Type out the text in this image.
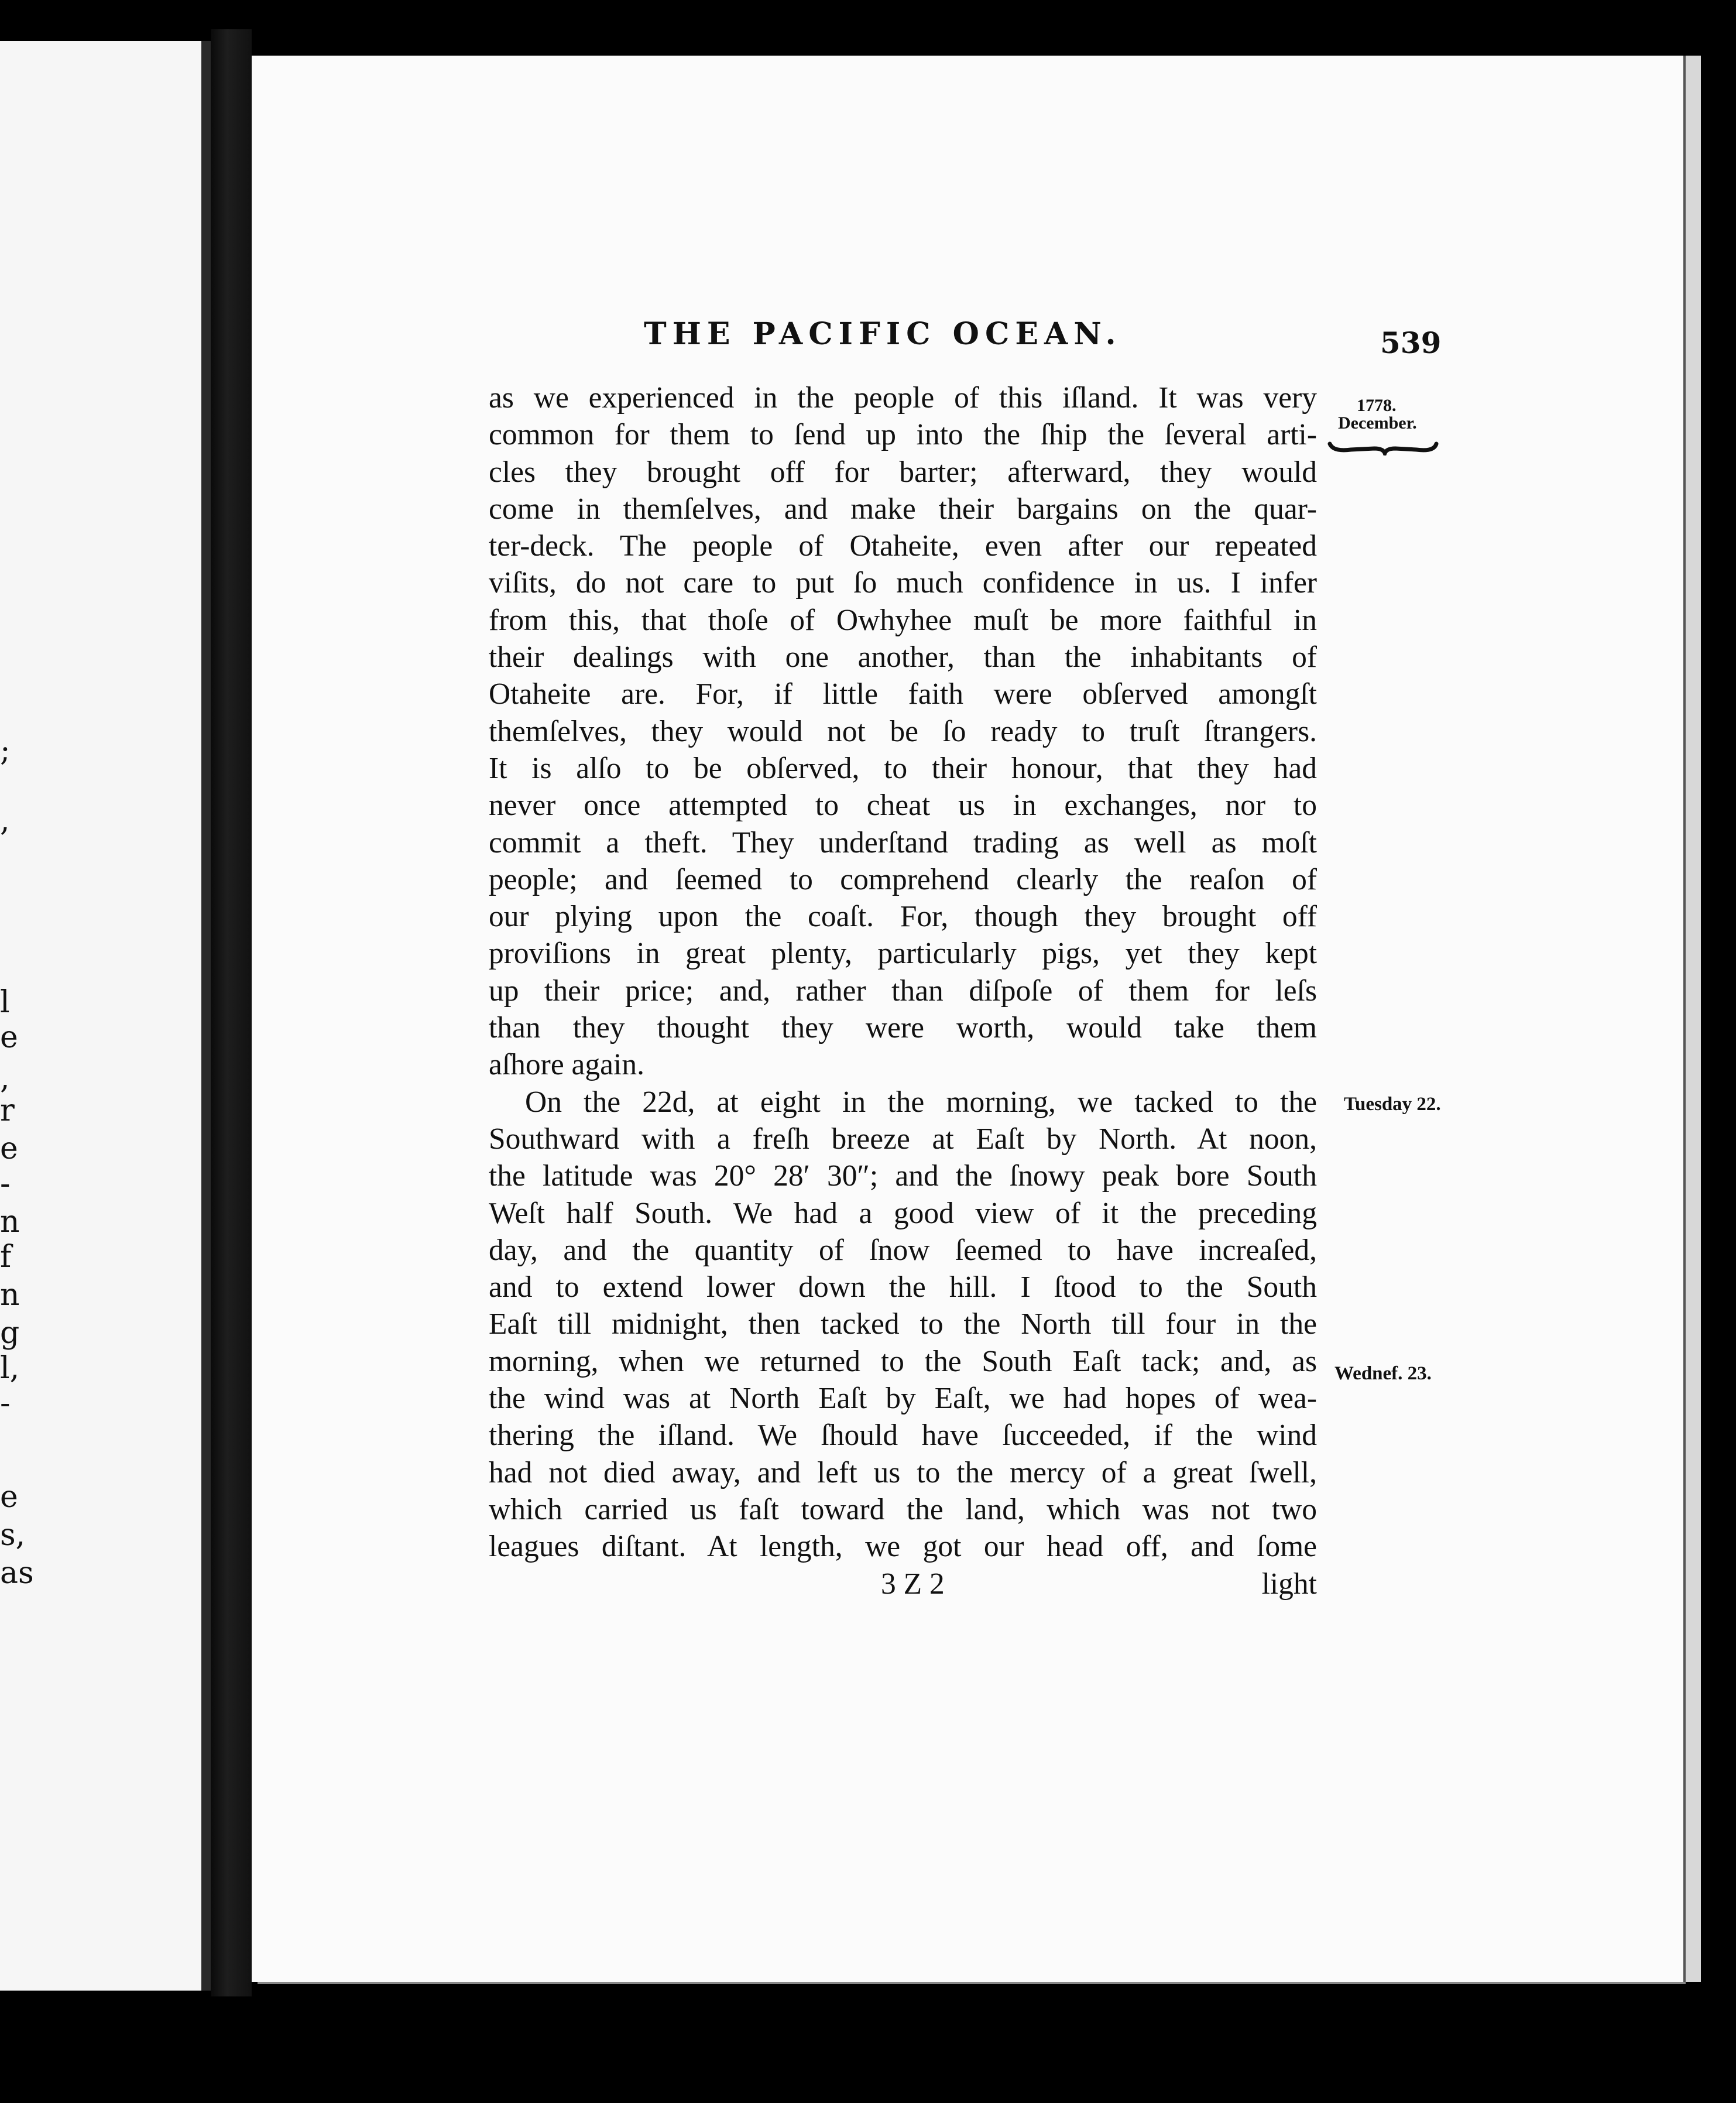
;
,
l
e
,
r
e
-
n
f
n
g
l,
-
e
s,
as
THE PACIFIC OCEAN.	539
1778.
December.
Tuesday 22.
Wednef. 23.
as we experienced in the people of this iſland. It was very
common for them to ſend up into the ſhip the ſeveral arti-
cles they brought off for barter; afterward, they would
come in themſelves, and make their bargains on the quar-
ter-deck. The people of Otaheite, even after our repeated
viſits, do not care to put ſo much confidence in us. I infer
from this, that thoſe of Owhyhee muſt be more faithful in
their dealings with one another, than the inhabitants of
Otaheite are. For, if little faith were obſerved amongſt
themſelves, they would not be ſo ready to truſt ſtrangers.
It is alſo to be obſerved, to their honour, that they had
never once attempted to cheat us in exchanges, nor to
commit a theft. They underſtand trading as well as moſt
people; and ſeemed to comprehend clearly the reaſon of
our plying upon the coaſt. For, though they brought off
proviſions in great plenty, particularly pigs, yet they kept
up their price; and, rather than diſpoſe of them for leſs
than they thought they were worth, would take them
aſhore again.
On the 22d, at eight in the morning, we tacked to the
Southward with a freſh breeze at Eaſt by North. At noon,
the latitude was 20° 28′ 30″; and the ſnowy peak bore South
Weſt half South. We had a good view of it the preceding
day, and the quantity of ſnow ſeemed to have increaſed,
and to extend lower down the hill. I ſtood to the South
Eaſt till midnight, then tacked to the North till four in the
morning, when we returned to the South Eaſt tack; and, as
the wind was at North Eaſt by Eaſt, we had hopes of wea-
thering the iſland. We ſhould have ſucceeded, if the wind
had not died away, and left us to the mercy of a great ſwell,
which carried us faſt toward the land, which was not two
leagues diſtant. At length, we got our head off, and ſome
3 Z 2	light
